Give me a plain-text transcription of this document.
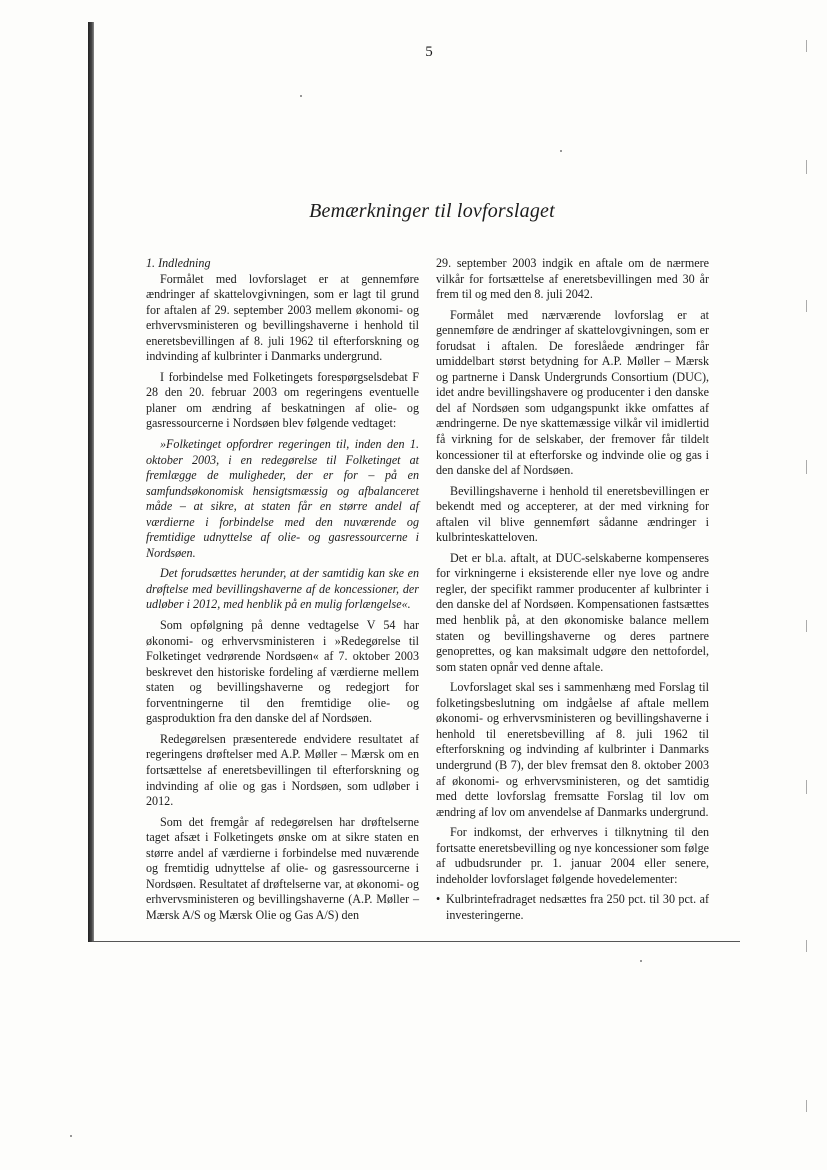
5
Bemærkninger til lovforslaget
1. Indledning

Formålet med lovforslaget er at gennemføre ændringer af skattelovgivningen, som er lagt til grund for aftalen af 29. september 2003 mellem økonomi- og erhvervsministeren og bevillingshaverne i henhold til eneretsbevillingen af 8. juli 1962 til efterforskning og indvinding af kulbrinter i Danmarks undergrund.

I forbindelse med Folketingets forespørgselsdebat F 28 den 20. februar 2003 om regeringens eventuelle planer om ændring af beskatningen af olie- og gasressourcerne i Nordsøen blev følgende vedtaget:

»Folketinget opfordrer regeringen til, inden den 1. oktober 2003, i en redegørelse til Folketinget at fremlægge de muligheder, der er for – på en samfundsøkonomisk hensigtsmæssig og afbalanceret måde – at sikre, at staten får en større andel af værdierne i forbindelse med den nuværende og fremtidige udnyttelse af olie- og gasressourcerne i Nordsøen.

Det forudsættes herunder, at der samtidig kan ske en drøftelse med bevillingshaverne af de koncessioner, der udløber i 2012, med henblik på en mulig forlængelse«.

Som opfølgning på denne vedtagelse V 54 har økonomi- og erhvervsministeren i »Redegørelse til Folketinget vedrørende Nordsøen« af 7. oktober 2003 beskrevet den historiske fordeling af værdierne mellem staten og bevillingshaverne og redegjort for forventningerne til den fremtidige olie- og gasproduktion fra den danske del af Nordsøen.

Redegørelsen præsenterede endvidere resultatet af regeringens drøftelser med A.P. Møller – Mærsk om en fortsættelse af eneretsbevillingen til efterforskning og indvinding af olie og gas i Nordsøen, som udløber i 2012.

Som det fremgår af redegørelsen har drøftelserne taget afsæt i Folketingets ønske om at sikre staten en større andel af værdierne i forbindelse med nuværende og fremtidig udnyttelse af olie- og gasressourcerne i Nordsøen. Resultatet af drøftelserne var, at økonomi- og erhvervsministeren og bevillingshaverne (A.P. Møller – Mærsk A/S og Mærsk Olie og Gas A/S) den

29. september 2003 indgik en aftale om de nærmere vilkår for fortsættelse af eneretsbevillingen med 30 år frem til og med den 8. juli 2042.

Formålet med nærværende lovforslag er at gennemføre de ændringer af skattelovgivningen, som er forudsat i aftalen. De foreslåede ændringer får umiddelbart størst betydning for A.P. Møller – Mærsk og partnerne i Dansk Undergrunds Consortium (DUC), idet andre bevillingshavere og producenter i den danske del af Nordsøen som udgangspunkt ikke omfattes af ændringerne. De nye skattemæssige vilkår vil imidlertid få virkning for de selskaber, der fremover får tildelt koncessioner til at efterforske og indvinde olie og gas i den danske del af Nordsøen.

Bevillingshaverne i henhold til eneretsbevillingen er bekendt med og accepterer, at der med virkning for aftalen vil blive gennemført sådanne ændringer i kulbrinteskatteloven.

Det er bl.a. aftalt, at DUC-selskaberne kompenseres for virkningerne i eksisterende eller nye love og andre regler, der specifikt rammer producenter af kulbrinter i den danske del af Nordsøen. Kompensationen fastsættes med henblik på, at den økonomiske balance mellem staten og bevillingshaverne og deres partnere genoprettes, og kan maksimalt udgøre den nettofordel, som staten opnår ved denne aftale.

Lovforslaget skal ses i sammenhæng med Forslag til folketingsbeslutning om indgåelse af aftale mellem økonomi- og erhvervsministeren og bevillingshaverne i henhold til eneretsbevilling af 8. juli 1962 til efterforskning og indvinding af kulbrinter i Danmarks undergrund (B 7), der blev fremsat den 8. oktober 2003 af økonomi- og erhvervsministeren, og det samtidig med dette lovforslag fremsatte Forslag til lov om ændring af lov om anvendelse af Danmarks undergrund.

For indkomst, der erhverves i tilknytning til den fortsatte eneretsbevilling og nye koncessioner som følge af udbudsrunder pr. 1. januar 2004 eller senere, indeholder lovforslaget følgende hovedelementer:

• Kulbrintefradraget nedsættes fra 250 pct. til 30 pct. af investeringerne.
